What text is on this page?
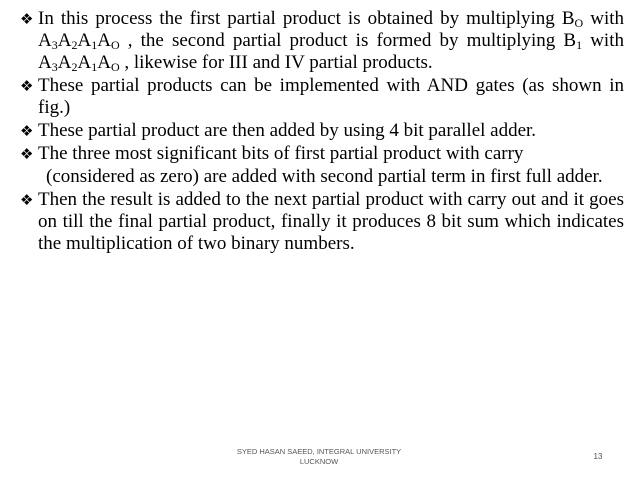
❖ In this process the first partial product is obtained by multiplying $B_O$ with $A_3A_2A_1A_O$ , the second partial product is formed by multiplying $B_1$ with $A_3A_2A_1A_O$ , likewise for III and IV partial products.

❖ These partial products can be implemented with AND gates (as shown in fig.)

❖ These partial product are then added by using 4 bit parallel adder.

❖ The three most significant bits of first partial product with carry

(considered as zero) are added with second partial term in first full adder.

❖ Then the result is added to the next partial product with carry out and it goes on till the final partial product, finally it produces 8 bit sum which indicates the multiplication of two binary numbers.

SYED HASAN SAEED, INTEGRAL UNIVERSITY
LUCKNOW
13
